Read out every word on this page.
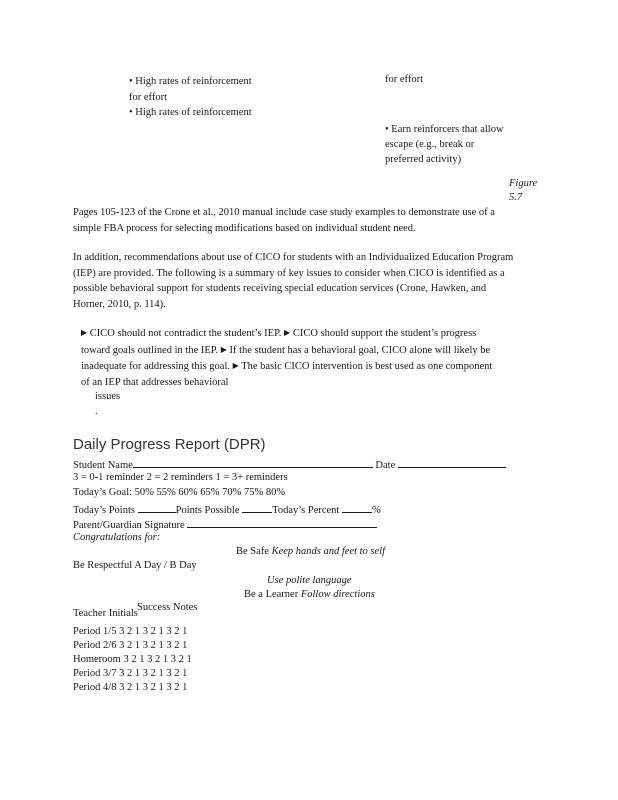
• High rates of reinforcement
for effort
• High rates of reinforcement
for effort
• Earn reinforcers that allow
escape (e.g., break or
preferred activity)
Figure
5.7
Pages 105-123 of the Crone et al., 2010 manual include case study examples to demonstrate use of a
simple FBA process for selecting modifications based on individual student need.
In addition, recommendations about use of CICO for students with an Individualized Education Program
(IEP) are provided. The following is a summary of key issues to consider when CICO is identified as a
possible behavioral support for students receiving special education services (Crone, Hawken, and
Horner, 2010, p. 114).
▶ CICO should not contradict the student’s IEP. ▶ CICO should support the student’s progress
toward goals outlined in the IEP. ▶ If the student has a behavioral goal, CICO alone will likely be
inadequate for addressing this goal. ▶ The basic CICO intervention is best used as one component
of an IEP that addresses behavioral
issues
.
Daily Progress Report (DPR)
Student Name	Date
3 = 0-1 reminder 2 = 2 reminders 1 = 3+ reminders
Today’s Goal: 50% 55% 60% 65% 70% 75% 80%
Today’s Points	Points Possible	Today’s Percent	%
Parent/Guardian Signature
Congratulations for:
Be Safe Keep hands and feet to self
Be Respectful A Day / B Day
Use polite language
Be a Learner Follow directions
Teacher Initials
Success Notes
Period 1/5 3 2 1 3 2 1 3 2 1
Period 2/6 3 2 1 3 2 1 3 2 1
Homeroom 3 2 1 3 2 1 3 2 1
Period 3/7 3 2 1 3 2 1 3 2 1
Period 4/8 3 2 1 3 2 1 3 2 1
